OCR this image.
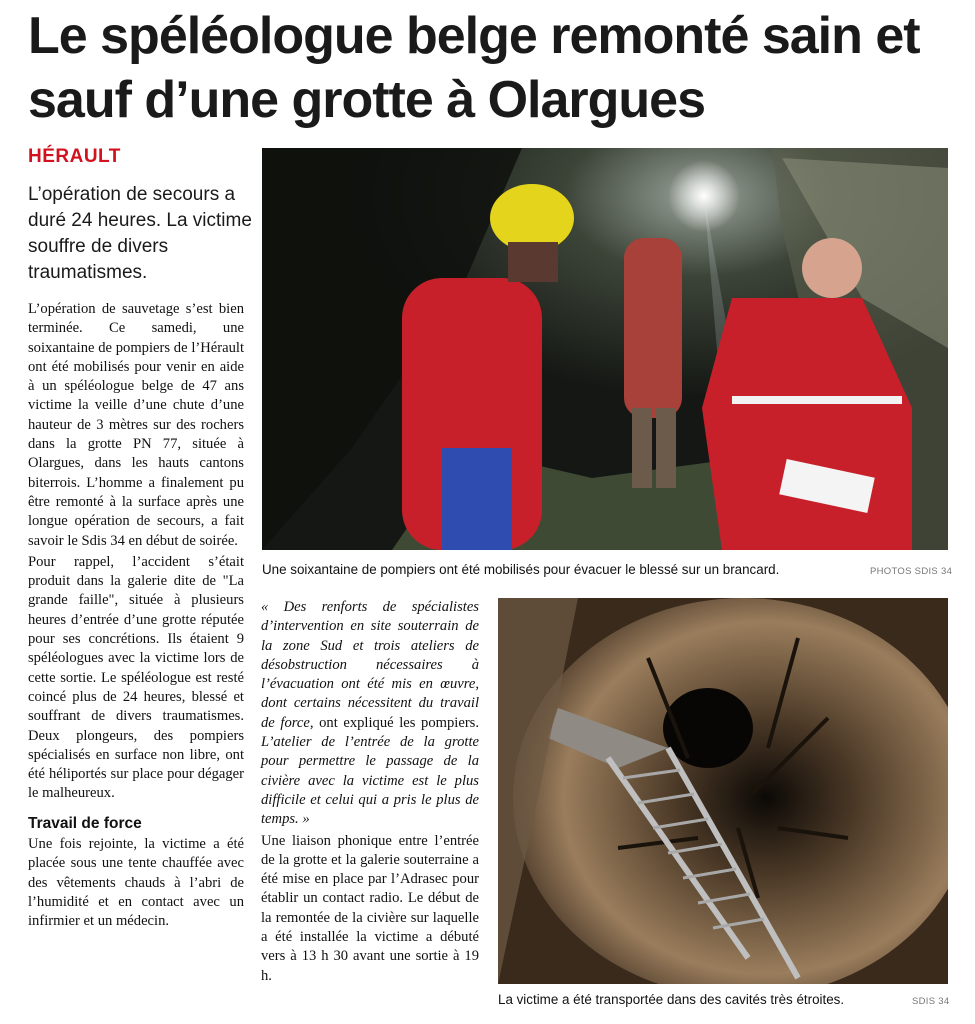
Le spéléologue belge remonté sain et sauf d’une grotte à Olargues
HÉRAULT
L’opération de secours a duré 24 heures. La victime souffre de divers traumatismes.

L’opération de sauvetage s’est bien terminée. Ce samedi, une soixantaine de pompiers de l’Hérault ont été mobilisés pour venir en aide à un spéléologue belge de 47 ans victime la veille d’une chute d’une hauteur de 3 mètres sur des rochers dans la grotte PN 77, située à Olargues, dans les hauts cantons biterrois. L’homme a finalement pu être remonté à la surface après une longue opération de secours, a fait savoir le Sdis 34 en début de soirée.

Pour rappel, l’accident s’était produit dans la galerie dite de "La grande faille", située à plusieurs heures d’entrée d’une grotte réputée pour ses concrétions. Ils étaient 9 spéléologues avec la victime lors de cette sortie. Le spéléologue est resté coincé plus de 24 heures, blessé et souffrant de divers traumatismes. Deux plongeurs, des pompiers spécialisés en surface non libre, ont été héliportés sur place pour dégager le malheureux.

Travail de force

Une fois rejointe, la victime a été placée sous une tente chauffée avec des vêtements chauds à l’abri de l’humidité et en contact avec un infirmier et un médecin.

Une soixantaine de pompiers ont été mobilisés pour évacuer le blessé sur un brancard.	PHOTOS SDIS 34

« Des renforts de spécialistes d’intervention en site souterrain de la zone Sud et trois ateliers de désobstruction nécessaires à l’évacuation ont été mis en œuvre, dont certains nécessitent du travail de force, ont expliqué les pompiers. L’atelier de l’entrée de la grotte pour permettre le passage de la civière avec la victime est le plus difficile et celui qui a pris le plus de temps. »

Une liaison phonique entre l’entrée de la grotte et la galerie souterraine a été mise en place par l’Adrasec pour établir un contact radio. Le début de la remontée de la civière sur laquelle a été installée la victime a débuté vers à 13 h 30 avant une sortie à 19 h.

La victime a été transportée dans des cavités très étroites.	SDIS 34
